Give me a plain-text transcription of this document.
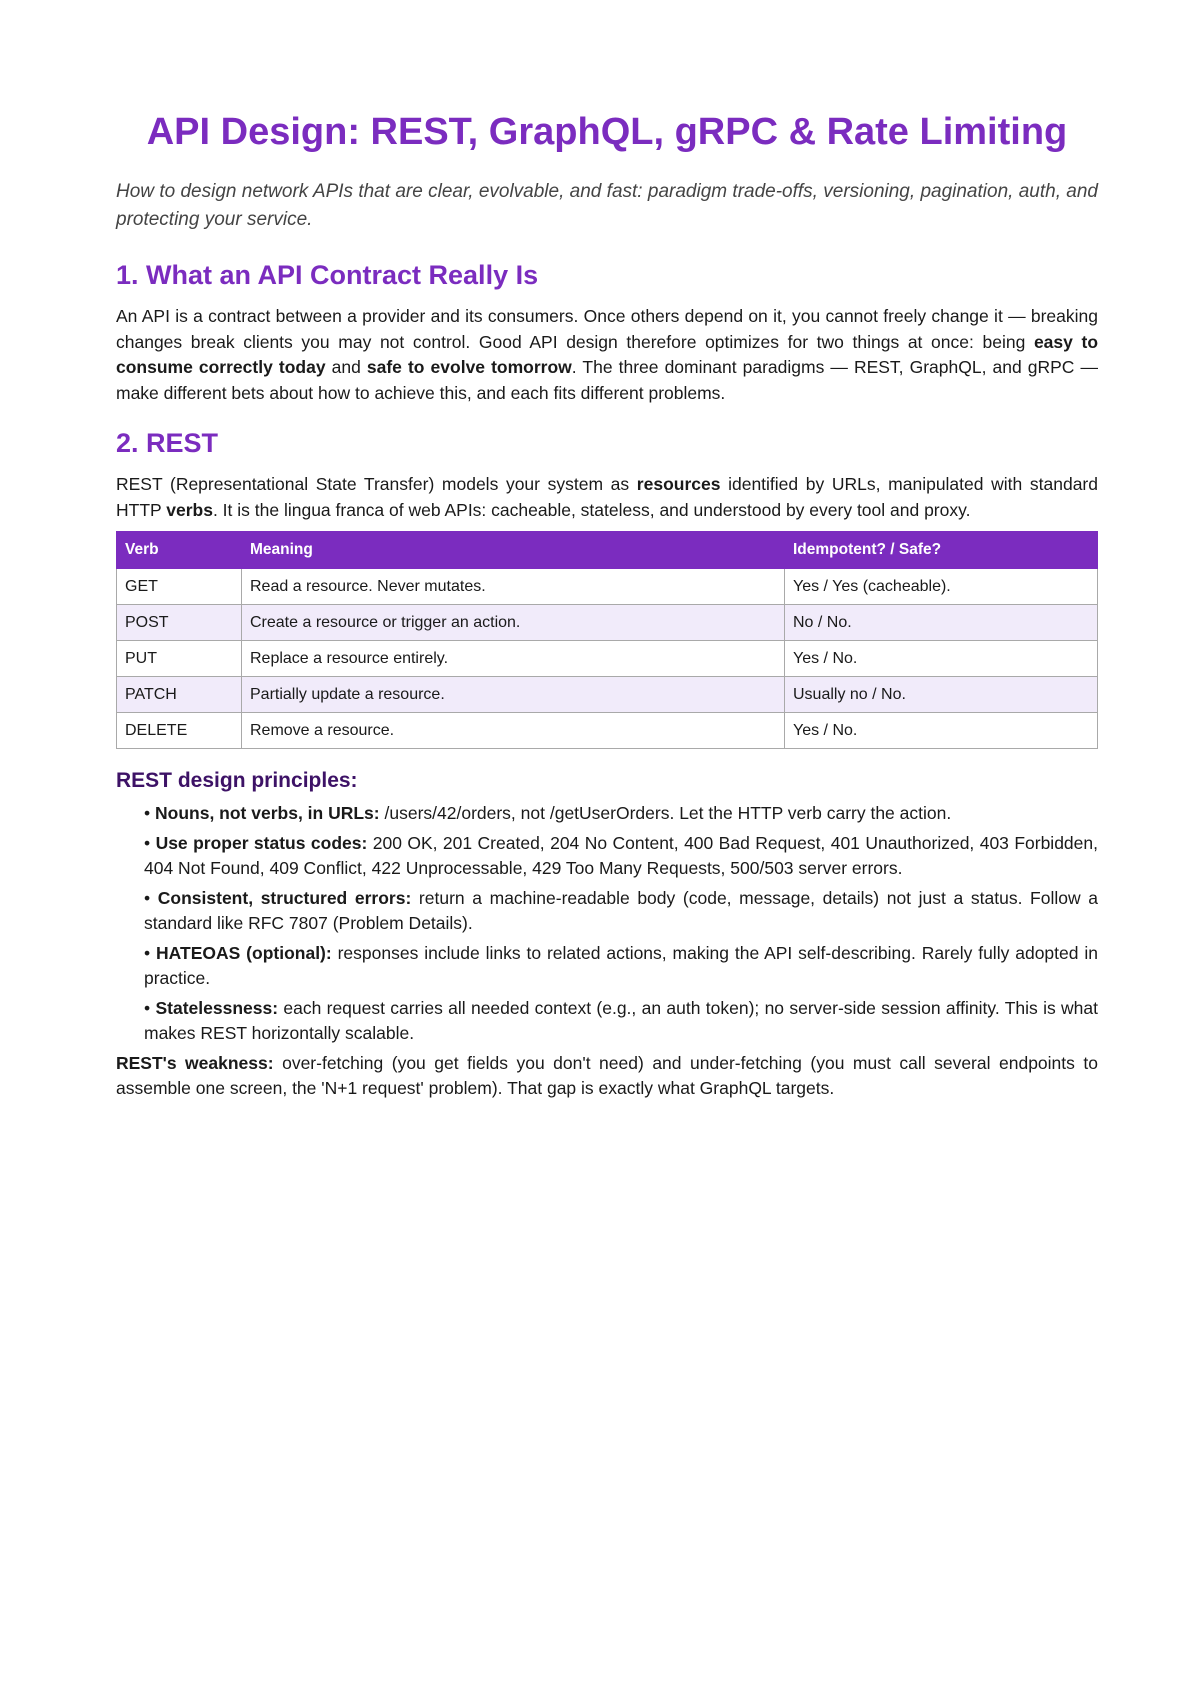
API Design: REST, GraphQL, gRPC & Rate Limiting

How to design network APIs that are clear, evolvable, and fast: paradigm trade-offs, versioning, pagination, auth, and protecting your service.

1. What an API Contract Really Is

An API is a contract between a provider and its consumers. Once others depend on it, you cannot freely change it — breaking changes break clients you may not control. Good API design therefore optimizes for two things at once: being easy to consume correctly today and safe to evolve tomorrow. The three dominant paradigms — REST, GraphQL, and gRPC — make different bets about how to achieve this, and each fits different problems.

2. REST

REST (Representational State Transfer) models your system as resources identified by URLs, manipulated with standard HTTP verbs. It is the lingua franca of web APIs: cacheable, stateless, and understood by every tool and proxy.

Verb	Meaning	Idempotent? / Safe?
GET	Read a resource. Never mutates.	Yes / Yes (cacheable).
POST	Create a resource or trigger an action.	No / No.
PUT	Replace a resource entirely.	Yes / No.
PATCH	Partially update a resource.	Usually no / No.
DELETE	Remove a resource.	Yes / No.
REST design principles:
• Nouns, not verbs, in URLs: /users/42/orders, not /getUserOrders. Let the HTTP verb carry the action.
• Use proper status codes: 200 OK, 201 Created, 204 No Content, 400 Bad Request, 401 Unauthorized, 403 Forbidden, 404 Not Found, 409 Conflict, 422 Unprocessable, 429 Too Many Requests, 500/503 server errors.
• Consistent, structured errors: return a machine-readable body (code, message, details) not just a status. Follow a standard like RFC 7807 (Problem Details).
• HATEOAS (optional): responses include links to related actions, making the API self-describing. Rarely fully adopted in practice.
• Statelessness: each request carries all needed context (e.g., an auth token); no server-side session affinity. This is what makes REST horizontally scalable.

REST's weakness: over-fetching (you get fields you don't need) and under-fetching (you must call several endpoints to assemble one screen, the 'N+1 request' problem). That gap is exactly what GraphQL targets.
